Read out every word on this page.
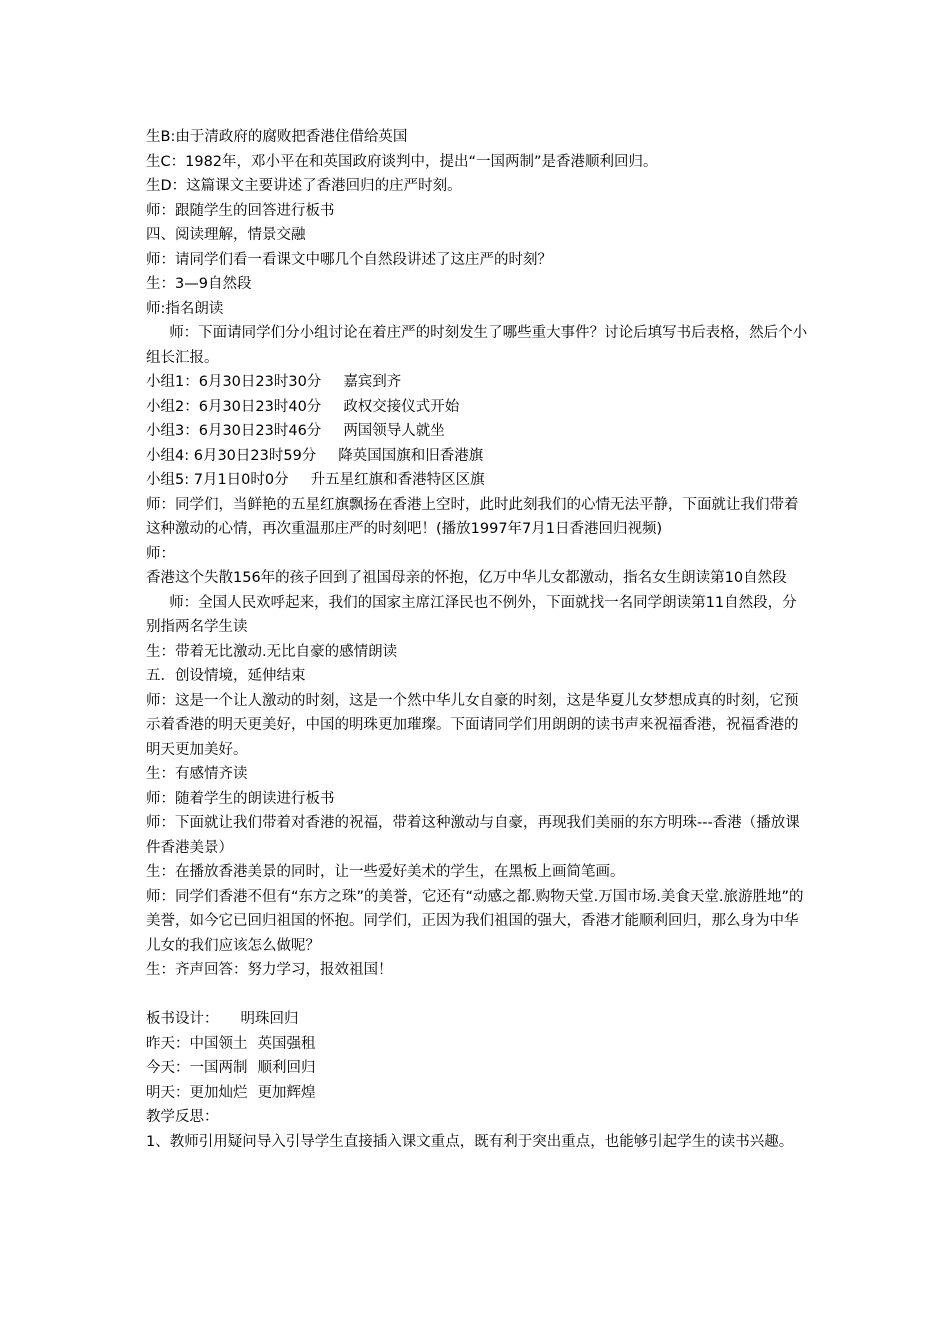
生B:由于清政府的腐败把香港住借给英国

生C：1982年，邓小平在和英国政府谈判中，提出“一国两制”是香港顺利回归。

生D：这篇课文主要讲述了香港回归的庄严时刻。

师：跟随学生的回答进行板书

四、阅读理解，情景交融

师：请同学们看一看课文中哪几个自然段讲述了这庄严的时刻？

生：3—9自然段

师:指名朗读

师：下面请同学们分小组讨论在着庄严的时刻发生了哪些重大事件？讨论后填写书后表格，然后个小组长汇报。

小组1：6月30日23时30分 嘉宾到齐

小组2：6月30日23时40分 政权交接仪式开始

小组3：6月30日23时46分 两国领导人就坐

小组4: 6月30日23时59分 降英国国旗和旧香港旗

小组5: 7月1日0时0分 升五星红旗和香港特区区旗

师：同学们，当鲜艳的五星红旗飘扬在香港上空时，此时此刻我们的心情无法平静，下面就让我们带着这种激动的心情，再次重温那庄严的时刻吧！(播放1997年7月1日香港回归视频)

师：

香港这个失散156年的孩子回到了祖国母亲的怀抱，亿万中华儿女都激动，指名女生朗读第10自然段

师：全国人民欢呼起来，我们的国家主席江泽民也不例外，下面就找一名同学朗读第11自然段，分别指两名学生读

生：带着无比激动.无比自豪的感情朗读

五．创设情境，延伸结束

师：这是一个让人激动的时刻，这是一个然中华儿女自豪的时刻，这是华夏儿女梦想成真的时刻，它预示着香港的明天更美好，中国的明珠更加璀璨。下面请同学们用朗朗的读书声来祝福香港，祝福香港的明天更加美好。

生：有感情齐读

师：随着学生的朗读进行板书

师：下面就让我们带着对香港的祝福，带着这种激动与自豪，再现我们美丽的东方明珠---香港（播放课件香港美景）

生：在播放香港美景的同时，让一些爱好美术的学生，在黑板上画简笔画。

师：同学们香港不但有“东方之珠”的美誉，它还有“动感之都.购物天堂.万国市场.美食天堂.旅游胜地”的美誉，如今它已回归祖国的怀抱。同学们，正因为我们祖国的强大，香港才能顺利回归，那么身为中华儿女的我们应该怎么做呢？

生：齐声回答：努力学习，报效祖国！

板书设计： 明珠回归

昨天：中国领土 英国强租

今天：一国两制 顺利回归

明天：更加灿烂 更加辉煌

教学反思：

1、教师引用疑问导入引导学生直接插入课文重点，既有利于突出重点，也能够引起学生的读书兴趣。
